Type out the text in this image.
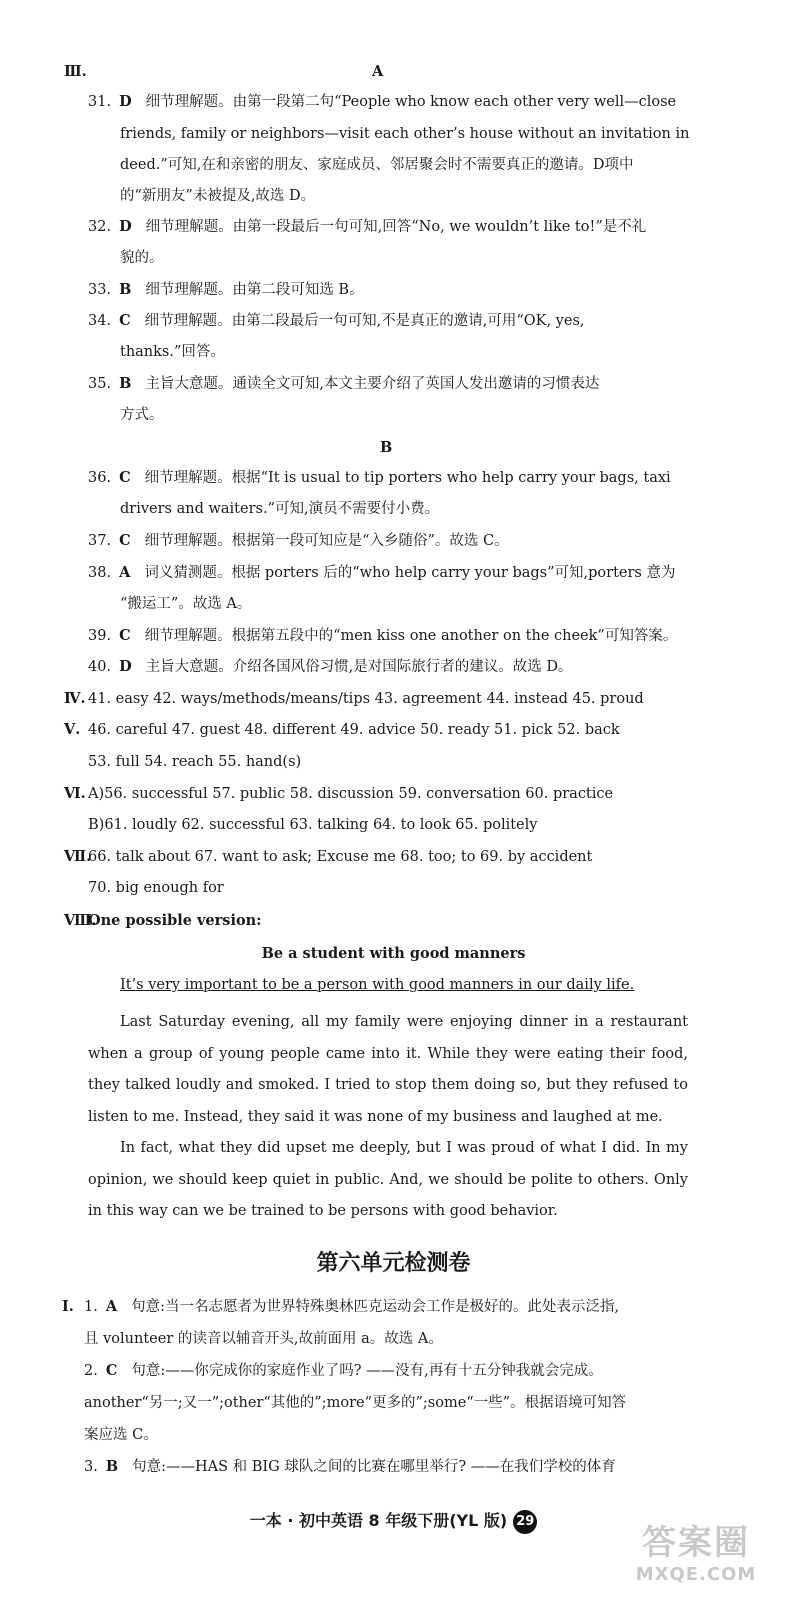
Ⅲ.	A
31. D 细节理解题。由第一段第二句“People who know each other very well—close
friends, family or neighbors—visit each other’s house without an invitation in
deed.”可知,在和亲密的朋友、家庭成员、邻居聚会时不需要真正的邀请。D项中
的“新朋友”未被提及,故选 D。
32. D 细节理解题。由第一段最后一句可知,回答“No, we wouldn’t like to!”是不礼
貌的。
33. B 细节理解题。由第二段可知选 B。
34. C 细节理解题。由第二段最后一句可知,不是真正的邀请,可用“OK, yes,
thanks.”回答。
35. B 主旨大意题。通读全文可知,本文主要介绍了英国人发出邀请的习惯表达
方式。
B
36. C 细节理解题。根据“It is usual to tip porters who help carry your bags, taxi
drivers and waiters.”可知,演员不需要付小费。
37. C 细节理解题。根据第一段可知应是“入乡随俗”。故选 C。
38. A 词义猜测题。根据 porters 后的“who help carry your bags”可知,porters 意为
“搬运工”。故选 A。
39. C 细节理解题。根据第五段中的“men kiss one another on the cheek”可知答案。
40. D 主旨大意题。介绍各国风俗习惯,是对国际旅行者的建议。故选 D。
Ⅳ. 41. easy 42. ways/methods/means/tips 43. agreement 44. instead 45. proud
Ⅴ. 46. careful 47. guest 48. different 49. advice 50. ready 51. pick 52. back
53. full 54. reach 55. hand(s)
Ⅵ. A)56. successful 57. public 58. discussion 59. conversation 60. practice
B)61. loudly 62. successful 63. talking 64. to look 65. politely
Ⅶ.
66. talk about 67. want to ask; Excuse me 68. too; to 69. by accident
70. big enough for
Ⅷ.
One possible version:
Be a student with good manners
It’s very important to be a person with good manners in our daily life.
Last Saturday evening, all my family were enjoying dinner in a restaurant when a group of young people came into it. While they were eating their food, they talked loudly and smoked. I tried to stop them doing so, but they refused to listen to me. Instead, they said it was none of my business and laughed at me.
In fact, what they did upset me deeply, but I was proud of what I did. In my opinion, we should keep quiet in public. And, we should be polite to others. Only in this way can we be trained to be persons with good behavior.
第六单元检测卷
Ⅰ. 1. A 句意:当一名志愿者为世界特殊奥林匹克运动会工作是极好的。此处表示泛指,
且 volunteer 的读音以辅音开头,故前面用 a。故选 A。
2. C 句意:——你完成你的家庭作业了吗? ——没有,再有十五分钟我就会完成。
another“另一;又一”;other“其他的”;more“更多的”;some“一些”。根据语境可知答
案应选 C。
3. B 句意:——HAS 和 BIG 球队之间的比赛在哪里举行? ——在我们学校的体育
一本 · 初中英语 8 年级下册(YL 版) 29
答案圈
MXQE.COM
